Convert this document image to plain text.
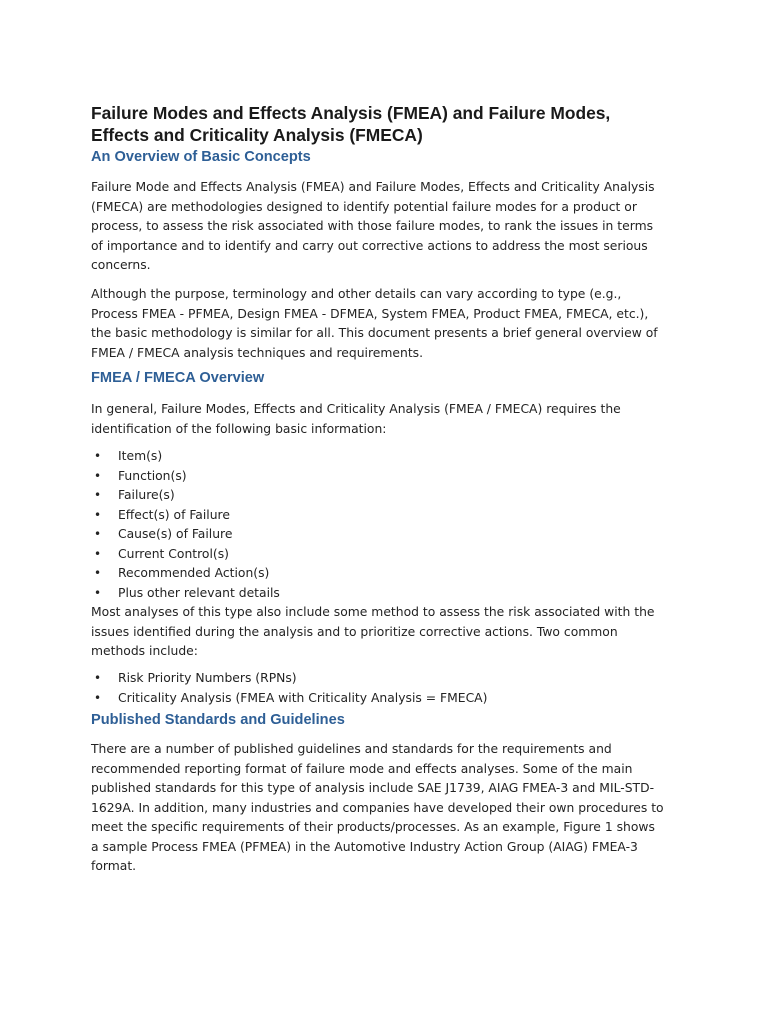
Failure Modes and Effects Analysis (FMEA) and Failure Modes,
Effects and Criticality Analysis (FMECA)
An Overview of Basic Concepts

Failure Mode and Effects Analysis (FMEA) and Failure Modes, Effects and Criticality Analysis
(FMECA) are methodologies designed to identify potential failure modes for a product or
process, to assess the risk associated with those failure modes, to rank the issues in terms
of importance and to identify and carry out corrective actions to address the most serious
concerns.

Although the purpose, terminology and other details can vary according to type (e.g.,
Process FMEA - PFMEA, Design FMEA - DFMEA, System FMEA, Product FMEA, FMECA, etc.),
the basic methodology is similar for all. This document presents a brief general overview of
FMEA / FMECA analysis techniques and requirements.

FMEA / FMECA Overview

In general, Failure Modes, Effects and Criticality Analysis (FMEA / FMECA) requires the
identification of the following basic information:

• Item(s)
• Function(s)
• Failure(s)
• Effect(s) of Failure
• Cause(s) of Failure
• Current Control(s)
• Recommended Action(s)
• Plus other relevant details

Most analyses of this type also include some method to assess the risk associated with the
issues identified during the analysis and to prioritize corrective actions. Two common
methods include:

• Risk Priority Numbers (RPNs)
• Criticality Analysis (FMEA with Criticality Analysis = FMECA)
Published Standards and Guidelines

There are a number of published guidelines and standards for the requirements and
recommended reporting format of failure mode and effects analyses. Some of the main
published standards for this type of analysis include SAE J1739, AIAG FMEA-3 and MIL-STD-
1629A. In addition, many industries and companies have developed their own procedures to
meet the specific requirements of their products/processes. As an example, Figure 1 shows
a sample Process FMEA (PFMEA) in the Automotive Industry Action Group (AIAG) FMEA-3
format.
